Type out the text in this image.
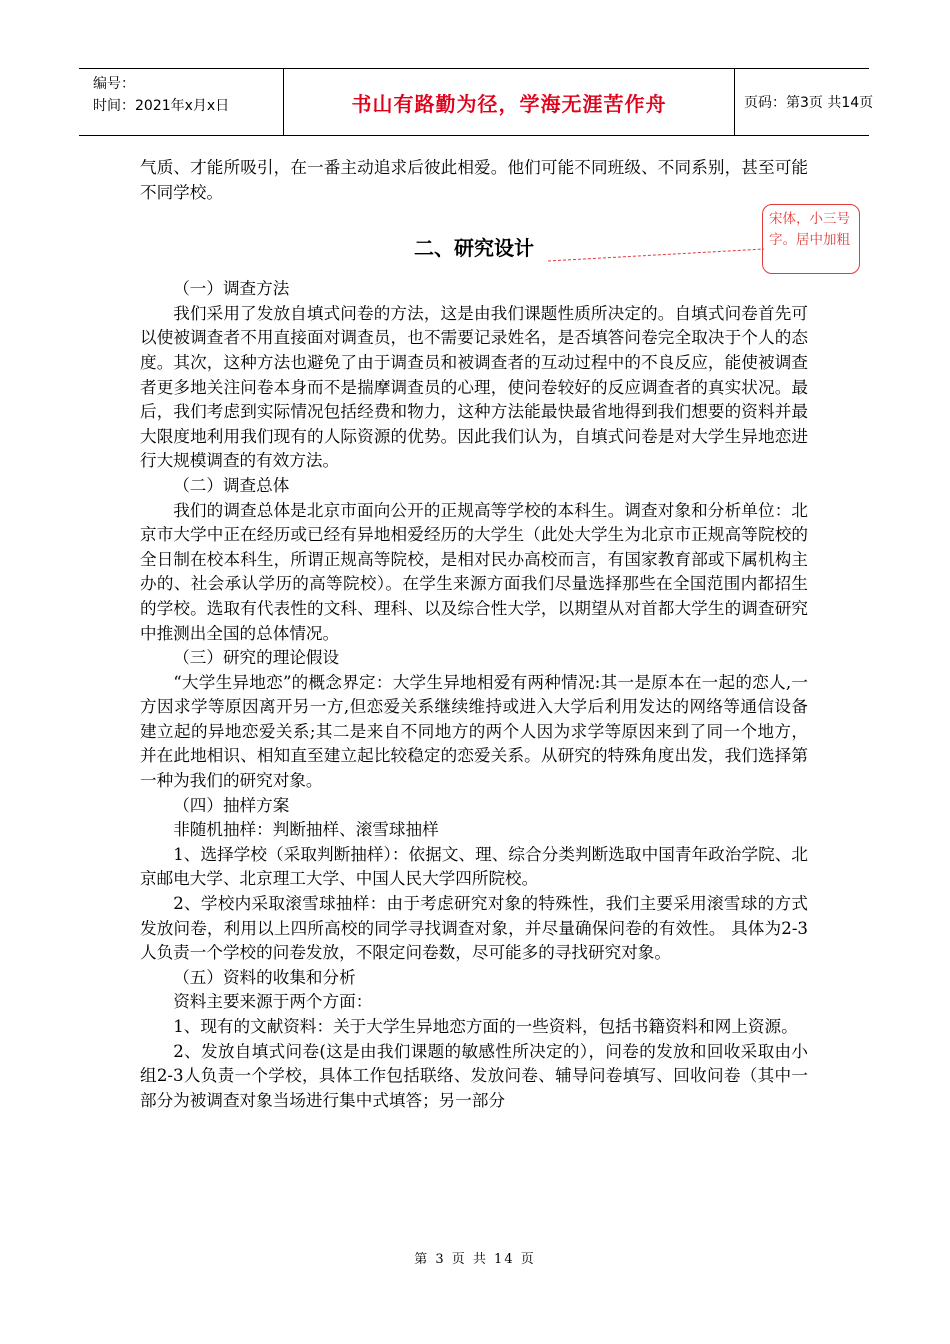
编号：
时间：2021年x月x日	书山有路勤为径，学海无涯苦作舟	页码：第3页 共14页

气质、才能所吸引，在一番主动追求后彼此相爱。他们可能不同班级、不同系别，甚至可能不同学校。

二、研究设计

（一）调查方法

我们采用了发放自填式问卷的方法，这是由我们课题性质所决定的。自填式问卷首先可以使被调查者不用直接面对调查员，也不需要记录姓名，是否填答问卷完全取决于个人的态度。其次，这种方法也避免了由于调查员和被调查者的互动过程中的不良反应，能使被调查者更多地关注问卷本身而不是揣摩调查员的心理，使问卷较好的反应调查者的真实状况。最后，我们考虑到实际情况包括经费和物力，这种方法能最快最省地得到我们想要的资料并最大限度地利用我们现有的人际资源的优势。因此我们认为，自填式问卷是对大学生异地恋进行大规模调查的有效方法。

（二）调查总体

我们的调查总体是北京市面向公开的正规高等学校的本科生。调查对象和分析单位：北京市大学中正在经历或已经有异地相爱经历的大学生（此处大学生为北京市正规高等院校的全日制在校本科生，所谓正规高等院校，是相对民办高校而言，有国家教育部或下属机构主办的、社会承认学历的高等院校）。在学生来源方面我们尽量选择那些在全国范围内都招生的学校。选取有代表性的文科、理科、以及综合性大学，以期望从对首都大学生的调查研究中推测出全国的总体情况。

（三）研究的理论假设

“大学生异地恋”的概念界定：大学生异地相爱有两种情况:其一是原本在一起的恋人,一方因求学等原因离开另一方,但恋爱关系继续维持或进入大学后利用发达的网络等通信设备建立起的异地恋爱关系;其二是来自不同地方的两个人因为求学等原因来到了同一个地方，并在此地相识、相知直至建立起比较稳定的恋爱关系。从研究的特殊角度出发，我们选择第一种为我们的研究对象。

（四）抽样方案

非随机抽样：判断抽样、滚雪球抽样

1、选择学校（采取判断抽样）：依据文、理、综合分类判断选取中国青年政治学院、北京邮电大学、北京理工大学、中国人民大学四所院校。

2、学校内采取滚雪球抽样：由于考虑研究对象的特殊性，我们主要采用滚雪球的方式发放问卷，利用以上四所高校的同学寻找调查对象，并尽量确保问卷的有效性。 具体为2-3人负责一个学校的问卷发放，不限定问卷数，尽可能多的寻找研究对象。

（五）资料的收集和分析

资料主要来源于两个方面：

1、现有的文献资料：关于大学生异地恋方面的一些资料，包括书籍资料和网上资源。

2、发放自填式问卷(这是由我们课题的敏感性所决定的），问卷的发放和回收采取由小组2-3人负责一个学校，具体工作包括联络、发放问卷、辅导问卷填写、回收问卷（其中一部分为被调查对象当场进行集中式填答；另一部分

宋体，小三号字。居中加粗
第 3 页 共 14 页
